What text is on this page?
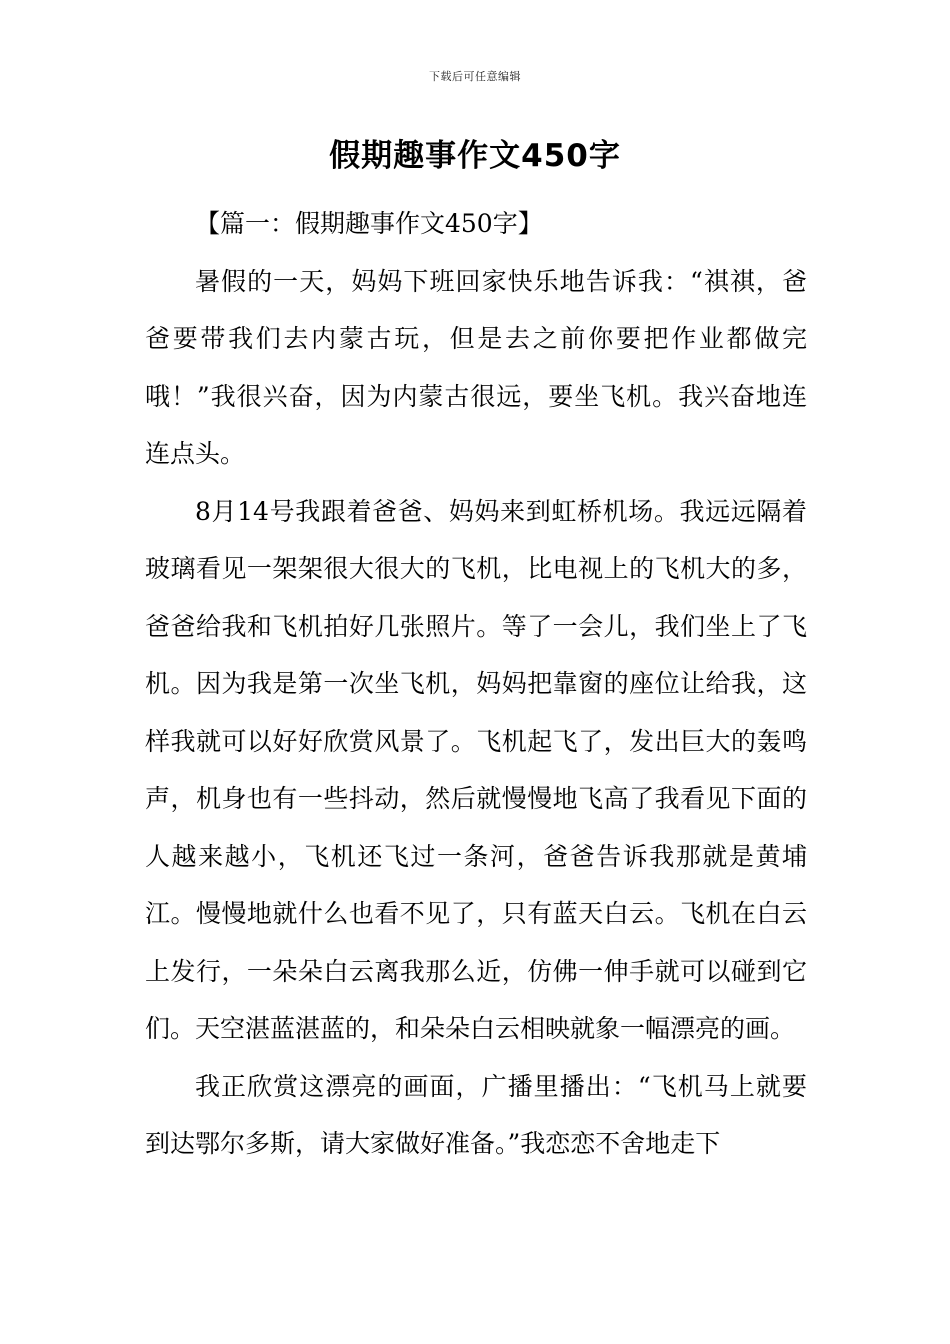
下载后可任意编辑
假期趣事作文450字

【篇一：假期趣事作文450字】

暑假的一天，妈妈下班回家快乐地告诉我：“祺祺，爸爸要带我们去内蒙古玩，但是去之前你要把作业都做完哦！”我很兴奋，因为内蒙古很远，要坐飞机。我兴奋地连连点头。

8月14号我跟着爸爸、妈妈来到虹桥机场。我远远隔着玻璃看见一架架很大很大的飞机，比电视上的飞机大的多，爸爸给我和飞机拍好几张照片。等了一会儿，我们坐上了飞机。因为我是第一次坐飞机，妈妈把靠窗的座位让给我，这样我就可以好好欣赏风景了。飞机起飞了，发出巨大的轰鸣声，机身也有一些抖动，然后就慢慢地飞高了我看见下面的人越来越小，飞机还飞过一条河，爸爸告诉我那就是黄埔江。慢慢地就什么也看不见了，只有蓝天白云。飞机在白云上发行，一朵朵白云离我那么近，仿佛一伸手就可以碰到它们。天空湛蓝湛蓝的，和朵朵白云相映就象一幅漂亮的画。

我正欣赏这漂亮的画面，广播里播出：“飞机马上就要到达鄂尔多斯，请大家做好准备。”我恋恋不舍地走下
